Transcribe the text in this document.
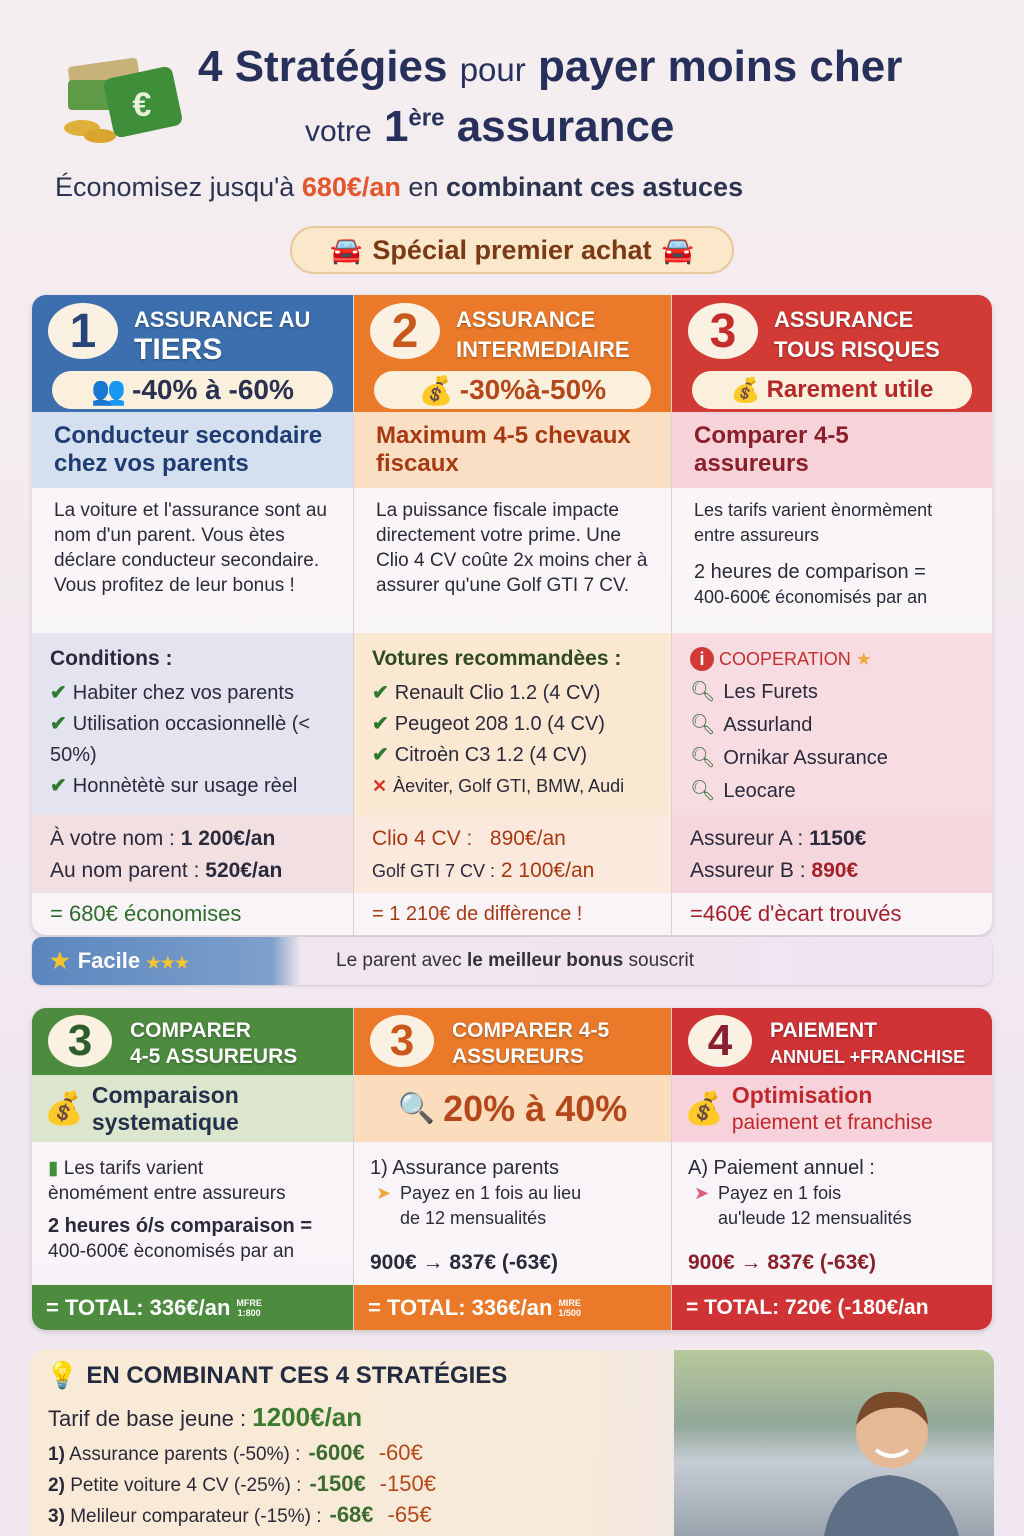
€
4 Stratégies pour payer moins cher
votre 1ère assurance
Économisez jusqu'à 680€/an en combinant ces astuces
🚘 Spécial premier achat 🚘
1	ASSURANCE AU
TIERS
👥 -40% à -60%
Conducteur secondaire chez vos parents
La voiture et l'assurance sont au nom d'un parent. Vous ètes déclare conducteur secondaire. Vous profitez de leur bonus !
Conditions :
✔ Habiter chez vos parents
✔ Utilisation occasionnellè (< 50%)
✔ Honnètètè sur usage rèel
À votre nom : 1 200€/an
Au nom parent : 520€/an
= 680€ économises
2	ASSURANCE
INTERMEDIAIRE
💰 -30%à-50%
Maximum 4-5 chevaux fiscaux
La puissance fiscale impacte directement votre prime. Une Clio 4 CV coûte 2x moins cher à assurer qu'une Golf GTI 7 CV.
Votures recommandèes :
✔ Renault Clio 1.2 (4 CV)
✔ Peugeot 208 1.0 (4 CV)
✔ Citroèn C3 1.2 (4 CV)
✕ Àeviter, Golf GTI, BMW, Audi
Clio 4 CV : 890€/an
Golf GTI 7 CV : 2 100€/an
= 1 210€ de diffèrence !
3	ASSURANCE
TOUS RISQUES
💰 Rarement utile
Comparer 4-5 assureurs
Les tarifs varient ènormèment entre assureurs
2 heures de comparison =
400-600€ économisés par an
i COOPERATION ★
🔍︎ Les Furets
🔍︎ Assurland
🔍︎ Ornikar Assurance
🔍︎ Leocare
Assureur A : 1150€
Assureur B : 890€
=460€ d'ècart trouvés
★ Facile ★★★	Le parent avec le meilleur bonus souscrit
3	COMPARER
4-5 ASSUREURS
💰 Comparaison systematique
▮ Les tarifs varient
ènomément entre assureurs
2 heures ó/s comparaison =
400-600€ èconomisés par an
= TOTAL: 336€/an MFRE
1:800
3	COMPARER 4-5
ASSUREURS
🔍 20% à 40%
1) Assurance parents
➤ Payez en 1 fois au lieu
de 12 mensualités
900€ → 837€ (-63€)
= TOTAL: 336€/an MIRE
1/500
4	PAIEMENT
ANNUEL +FRANCHISE
💰 Optimisation
paiement et franchise
A) Paiement annuel :
➤ Payez en 1 fois
au'leude 12 mensualités
900€ → 837€ (-63€)
= TOTAL: 720€ (-180€/an
💡 EN COMBINANT CES 4 STRATÉGIES
Tarif de base jeune : 1200€/an
1) Assurance parents (-50%) : -600€ -60€
2) Petite voiture 4 CV (-25%) : -150€ -150€
3) Melileur comparateur (-15%) : -68€ -65€
